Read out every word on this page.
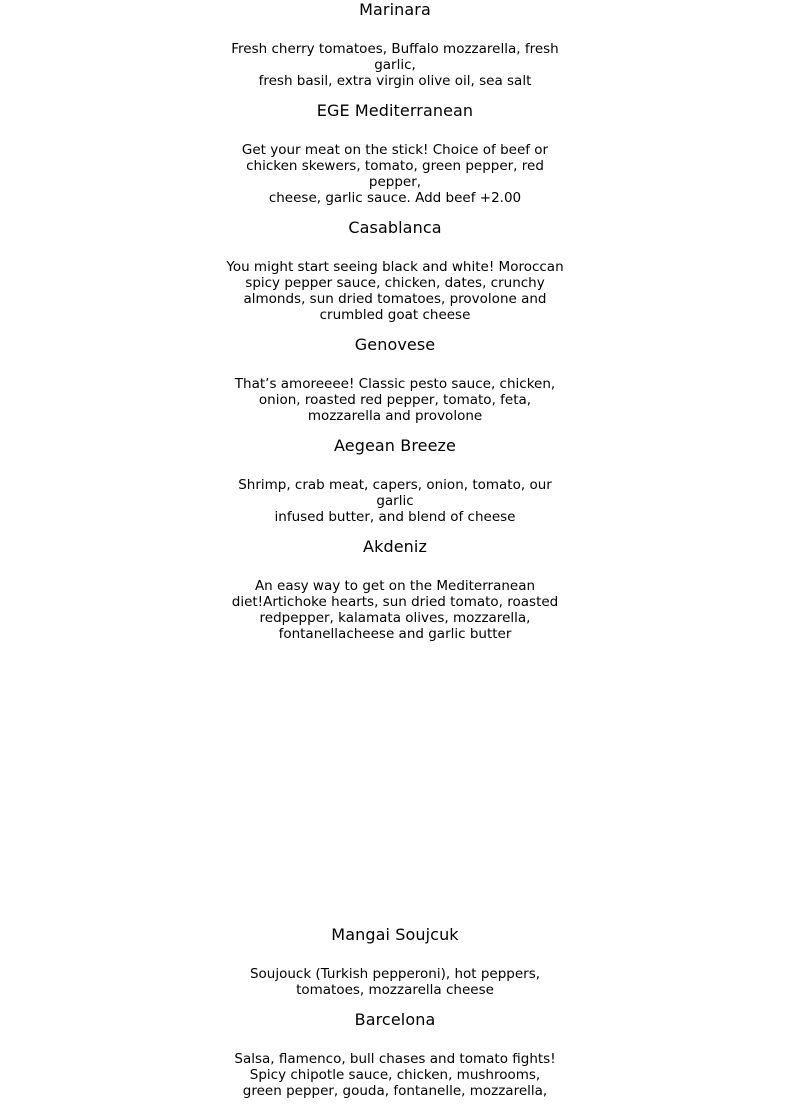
Marinara
Fresh cherry tomatoes, Buffalo mozzarella, fresh
garlic,
fresh basil, extra virgin olive oil, sea salt
EGE Mediterranean
Get your meat on the stick! Choice of beef or
chicken skewers, tomato, green pepper, red pepper,
cheese, garlic sauce. Add beef +2.00
Casablanca
You might start seeing black and white! Moroccan
spicy pepper sauce, chicken, dates, crunchy
almonds, sun dried tomatoes, provolone and
crumbled goat cheese
Genovese
That’s amoreeee! Classic pesto sauce, chicken,
onion, roasted red pepper, tomato, feta,
mozzarella and provolone
Aegean Breeze
Shrimp, crab meat, capers, onion, tomato, our garlic
infused butter, and blend of cheese
Akdeniz
An easy way to get on the Mediterranean
diet!Artichoke hearts, sun dried tomato, roasted
redpepper, kalamata olives, mozzarella,
fontanellacheese and garlic butter
Mangai Soujcuk
Soujouck (Turkish pepperoni), hot peppers,
tomatoes, mozzarella cheese
Barcelona
Salsa, flamenco, bull chases and tomato fights!
Spicy chipotle sauce, chicken, mushrooms,
green pepper, gouda, fontanelle, mozzarella,
